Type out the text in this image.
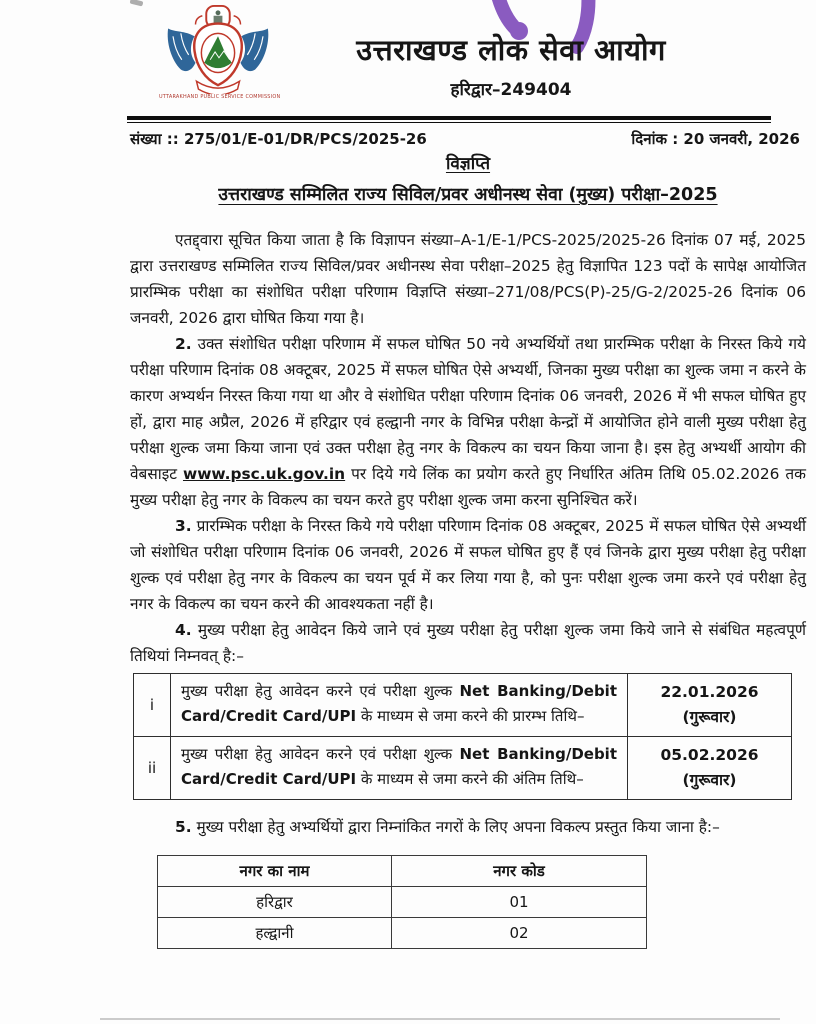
UTTARAKHAND PUBLIC SERVICE COMMISSION
उत्तराखण्ड लोक सेवा आयोग
हरिद्वार–249404
संख्या :: 275/01/E-01/DR/PCS/2025-26	दिनांक : 20 जनवरी, 2026
विज्ञप्ति
उत्तराखण्ड सम्मिलित राज्य सिविल/प्रवर अधीनस्थ सेवा (मुख्य) परीक्षा–2025

एतद्द्वारा सूचित किया जाता है कि विज्ञापन संख्या–A-1/E-1/PCS-2025/2025-26 दिनांक 07 मई, 2025 द्वारा उत्तराखण्ड सम्मिलित राज्य सिविल/प्रवर अधीनस्थ सेवा परीक्षा–2025 हेतु विज्ञापित 123 पदों के सापेक्ष आयोजित प्रारम्भिक परीक्षा का संशोधित परीक्षा परिणाम विज्ञप्ति संख्या–271/08/PCS(P)-25/G-2/2025-26 दिनांक 06 जनवरी, 2026 द्वारा घोषित किया गया है।

2. उक्त संशोधित परीक्षा परिणाम में सफल घोषित 50 नये अभ्यर्थियों तथा प्रारम्भिक परीक्षा के निरस्त किये गये परीक्षा परिणाम दिनांक 08 अक्टूबर, 2025 में सफल घोषित ऐसे अभ्यर्थी, जिनका मुख्य परीक्षा का शुल्क जमा न करने के कारण अभ्यर्थन निरस्त किया गया था और वे संशोधित परीक्षा परिणाम दिनांक 06 जनवरी, 2026 में भी सफल घोषित हुए हों, द्वारा माह अप्रैल, 2026 में हरिद्वार एवं हल्द्वानी नगर के विभिन्न परीक्षा केन्द्रों में आयोजित होने वाली मुख्य परीक्षा हेतु परीक्षा शुल्क जमा किया जाना एवं उक्त परीक्षा हेतु नगर के विकल्प का चयन किया जाना है। इस हेतु अभ्यर्थी आयोग की वेबसाइट www.psc.uk.gov.in पर दिये गये लिंक का प्रयोग करते हुए निर्धारित अंतिम तिथि 05.02.2026 तक मुख्य परीक्षा हेतु नगर के विकल्प का चयन करते हुए परीक्षा शुल्क जमा करना सुनिश्चित करें।

3. प्रारम्भिक परीक्षा के निरस्त किये गये परीक्षा परिणाम दिनांक 08 अक्टूबर, 2025 में सफल घोषित ऐसे अभ्यर्थी जो संशोधित परीक्षा परिणाम दिनांक 06 जनवरी, 2026 में सफल घोषित हुए हैं एवं जिनके द्वारा मुख्य परीक्षा हेतु परीक्षा शुल्क एवं परीक्षा हेतु नगर के विकल्प का चयन पूर्व में कर लिया गया है, को पुनः परीक्षा शुल्क जमा करने एवं परीक्षा हेतु नगर के विकल्प का चयन करने की आवश्यकता नहीं है।

4. मुख्य परीक्षा हेतु आवेदन किये जाने एवं मुख्य परीक्षा हेतु परीक्षा शुल्क जमा किये जाने से संबंधित महत्वपूर्ण तिथियां निम्नवत् है:–

i	मुख्य परीक्षा हेतु आवेदन करने एवं परीक्षा शुल्क Net Banking/Debit Card/Credit Card/UPI के माध्यम से जमा करने की प्रारम्भ तिथि–	22.01.2026
(गुरूवार)

ii	मुख्य परीक्षा हेतु आवेदन करने एवं परीक्षा शुल्क Net Banking/Debit Card/Credit Card/UPI के माध्यम से जमा करने की अंतिम तिथि–	05.02.2026
(गुरूवार)

5. मुख्य परीक्षा हेतु अभ्यर्थियों द्वारा निम्नांकित नगरों के लिए अपना विकल्प प्रस्तुत किया जाना है:–

नगर का नाम	नगर कोड
हरिद्वार	01
हल्द्वानी	02
